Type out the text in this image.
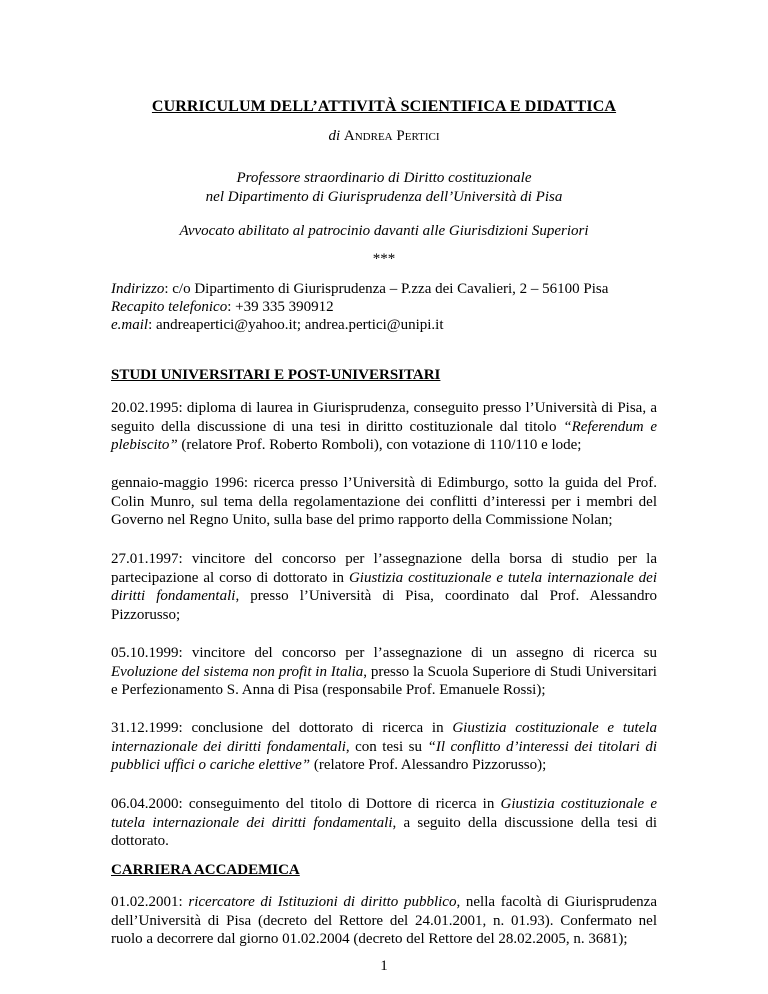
CURRICULUM DELL’ATTIVITÀ SCIENTIFICA E DIDATTICA
di Andrea Pertici
Professore straordinario di Diritto costituzionale
nel Dipartimento di Giurisprudenza dell’Università di Pisa
Avvocato abilitato al patrocinio davanti alle Giurisdizioni Superiori
***
Indirizzo: c/o Dipartimento di Giurisprudenza – P.zza dei Cavalieri, 2 – 56100 Pisa
Recapito telefonico: +39 335 390912
e.mail: andreapertici@yahoo.it; andrea.pertici@unipi.it
STUDI UNIVERSITARI E POST-UNIVERSITARI
20.02.1995: diploma di laurea in Giurisprudenza, conseguito presso l’Università di Pisa, a seguito della discussione di una tesi in diritto costituzionale dal titolo “Referendum e plebiscito” (relatore Prof. Roberto Romboli), con votazione di 110/110 e lode;
gennaio-maggio 1996: ricerca presso l’Università di Edimburgo, sotto la guida del Prof. Colin Munro, sul tema della regolamentazione dei conflitti d’interessi per i membri del Governo nel Regno Unito, sulla base del primo rapporto della Commissione Nolan;
27.01.1997: vincitore del concorso per l’assegnazione della borsa di studio per la partecipazione al corso di dottorato in Giustizia costituzionale e tutela internazionale dei diritti fondamentali, presso l’Università di Pisa, coordinato dal Prof. Alessandro Pizzorusso;
05.10.1999: vincitore del concorso per l’assegnazione di un assegno di ricerca su Evoluzione del sistema non profit in Italia, presso la Scuola Superiore di Studi Universitari e Perfezionamento S. Anna di Pisa (responsabile Prof. Emanuele Rossi);
31.12.1999: conclusione del dottorato di ricerca in Giustizia costituzionale e tutela internazionale dei diritti fondamentali, con tesi su “Il conflitto d’interessi dei titolari di pubblici uffici o cariche elettive” (relatore Prof. Alessandro Pizzorusso);
06.04.2000: conseguimento del titolo di Dottore di ricerca in Giustizia costituzionale e tutela internazionale dei diritti fondamentali, a seguito della discussione della tesi di dottorato.
CARRIERA ACCADEMICA
01.02.2001: ricercatore di Istituzioni di diritto pubblico, nella facoltà di Giurisprudenza dell’Università di Pisa (decreto del Rettore del 24.01.2001, n. 01.93). Confermato nel ruolo a decorrere dal giorno 01.02.2004 (decreto del Rettore del 28.02.2005, n. 3681);
1
